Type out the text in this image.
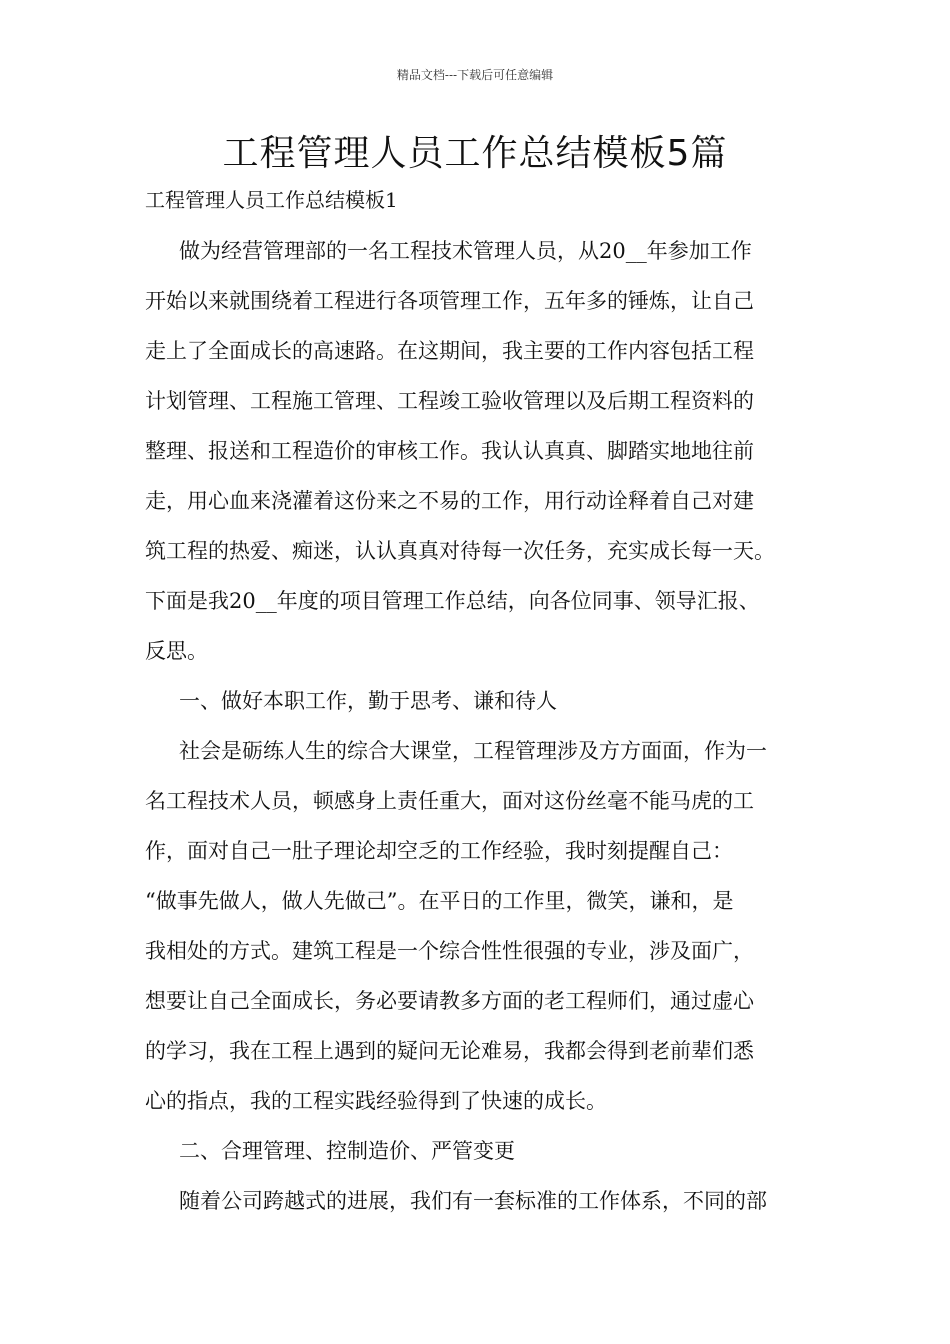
精品文档---下载后可任意编辑
工程管理人员工作总结模板5篇
工程管理人员工作总结模板1
做为经营管理部的一名工程技术管理人员，从20__年参加工作
开始以来就围绕着工程进行各项管理工作，五年多的锤炼，让自己
走上了全面成长的高速路。在这期间，我主要的工作内容包括工程
计划管理、工程施工管理、工程竣工验收管理以及后期工程资料的
整理、报送和工程造价的审核工作。我认认真真、脚踏实地地往前
走，用心血来浇灌着这份来之不易的工作，用行动诠释着自己对建
筑工程的热爱、痴迷，认认真真对待每一次任务，充实成长每一天。
下面是我20__年度的项目管理工作总结，向各位同事、领导汇报、
反思。
一、做好本职工作，勤于思考、谦和待人
社会是砺练人生的综合大课堂，工程管理涉及方方面面，作为一
名工程技术人员，顿感身上责任重大，面对这份丝毫不能马虎的工
作，面对自己一肚子理论却空乏的工作经验，我时刻提醒自己：
“做事先做人，做人先做己”。在平日的工作里，微笑，谦和，是
我相处的方式。建筑工程是一个综合性性很强的专业，涉及面广，
想要让自己全面成长，务必要请教多方面的老工程师们，通过虚心
的学习，我在工程上遇到的疑问无论难易，我都会得到老前辈们悉
心的指点，我的工程实践经验得到了快速的成长。
二、合理管理、控制造价、严管变更
随着公司跨越式的进展，我们有一套标准的工作体系，不同的部
